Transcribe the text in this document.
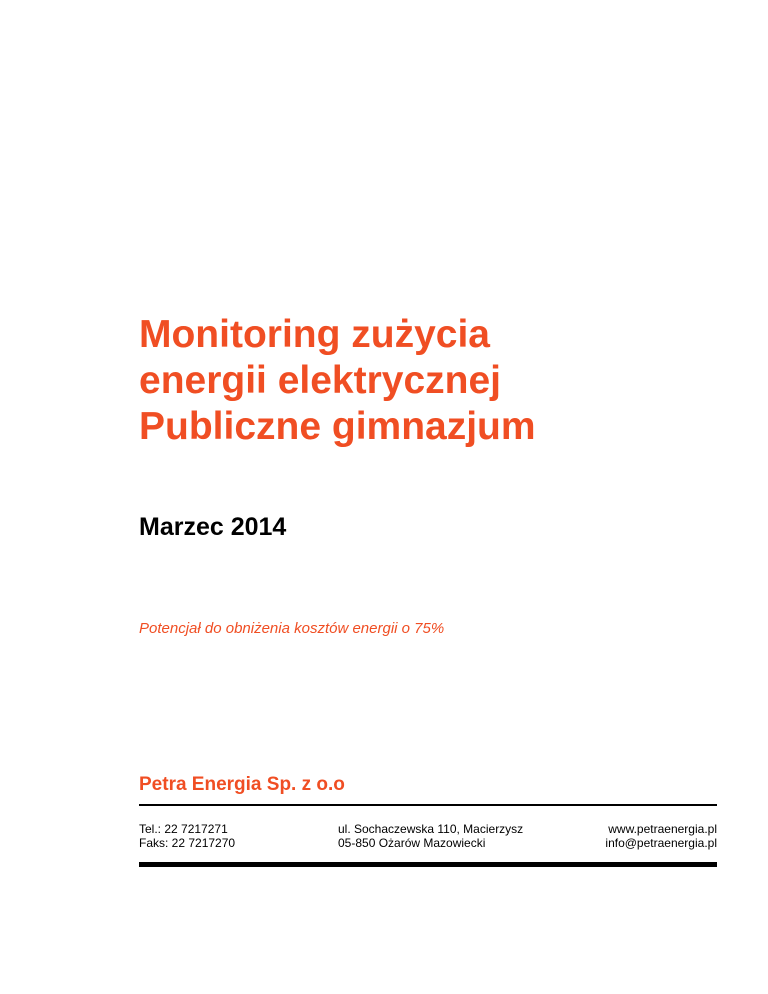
Monitoring zużycia
energii elektrycznej
Publiczne gimnazjum
Marzec 2014

Potencjał do obniżenia kosztów energii o 75%

Petra Energia Sp. z o.o
Tel.: 22 7217271
Faks: 22 7217270
ul. Sochaczewska 110, Macierzysz
05-850 Ożarów Mazowiecki
www.petraenergia.pl
info@petraenergia.pl
